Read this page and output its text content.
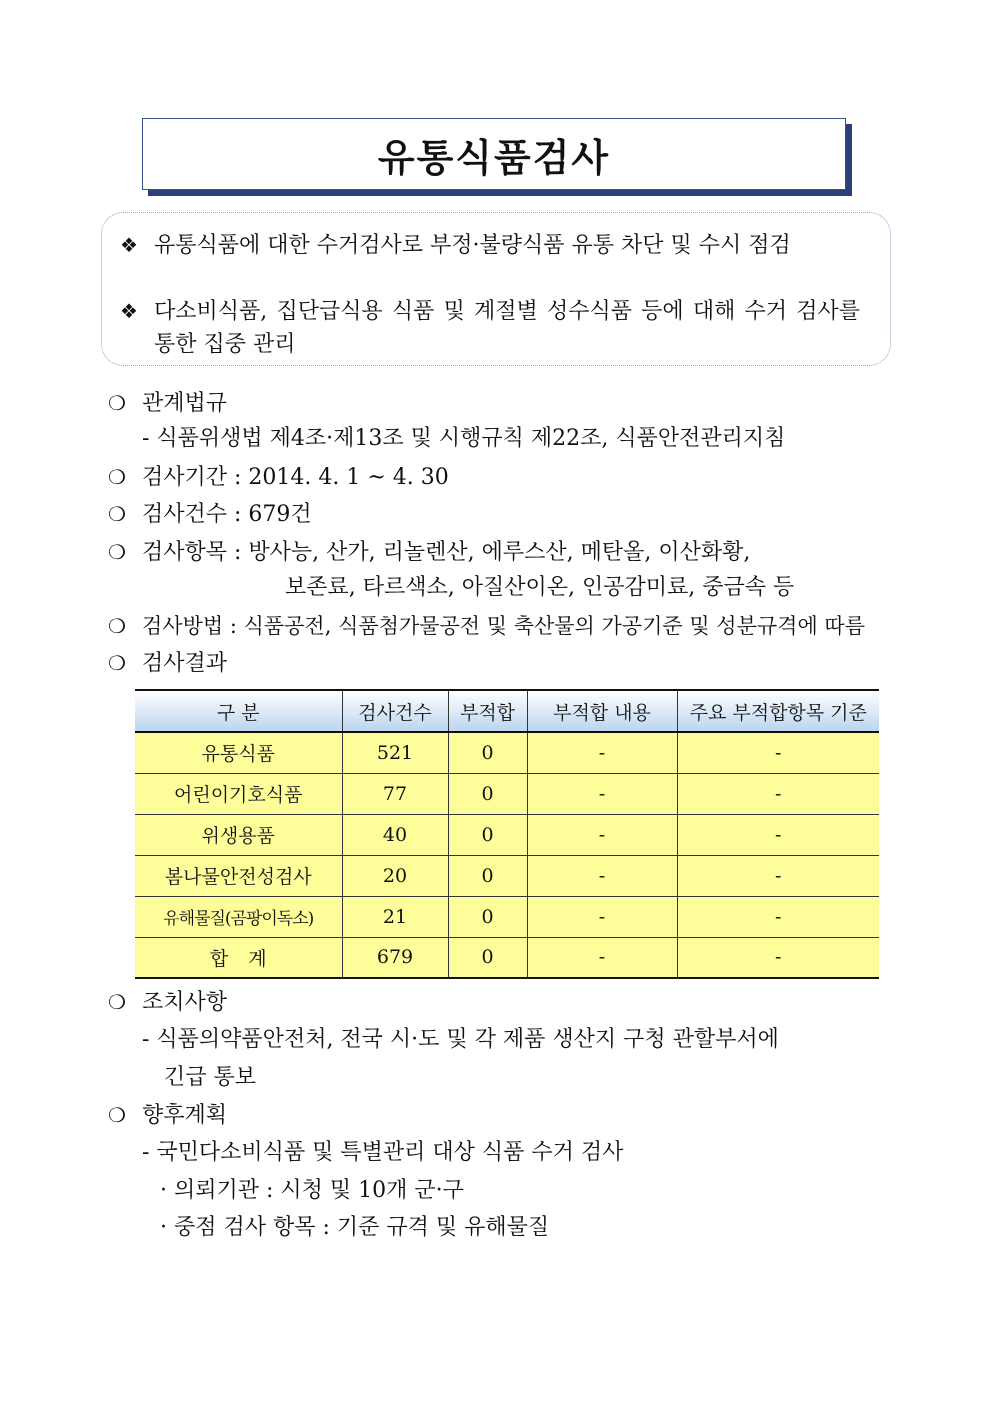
유통식품검사
❖ 유통식품에 대한 수거검사로 부정·불량식품 유통 차단 및 수시 점검
❖ 다소비식품, 집단급식용 식품 및 계절별 성수식품 등에 대해 수거 검사를 통한 집중 관리
❍ 관계법규
- 식품위생법 제4조·제13조 및 시행규칙 제22조, 식품안전관리지침
❍ 검사기간 : 2014. 4. 1 ~ 4. 30
❍ 검사건수 : 679건
❍ 검사항목 : 방사능, 산가, 리놀렌산, 에루스산, 메탄올, 이산화황,
보존료, 타르색소, 아질산이온, 인공감미료, 중금속 등
❍ 검사방법 : 식품공전, 식품첨가물공전 및 축산물의 가공기준 및 성분규격에 따름
❍ 검사결과
구 분	검사건수	부적합	부적합 내용	주요 부적합항목 기준
유통식품	521	0	-	-
어린이기호식품	77	0	-	-
위생용품	40	0	-	-
봄나물안전성검사	20	0	-	-
유해물질(곰팡이독소)	21	0	-	-
합 계	679	0	-	-
❍ 조치사항
- 식품의약품안전처, 전국 시·도 및 각 제품 생산지 구청 관할부서에
긴급 통보
❍ 향후계획
- 국민다소비식품 및 특별관리 대상 식품 수거 검사
· 의뢰기관 : 시청 및 10개 군·구
· 중점 검사 항목 : 기준 규격 및 유해물질
